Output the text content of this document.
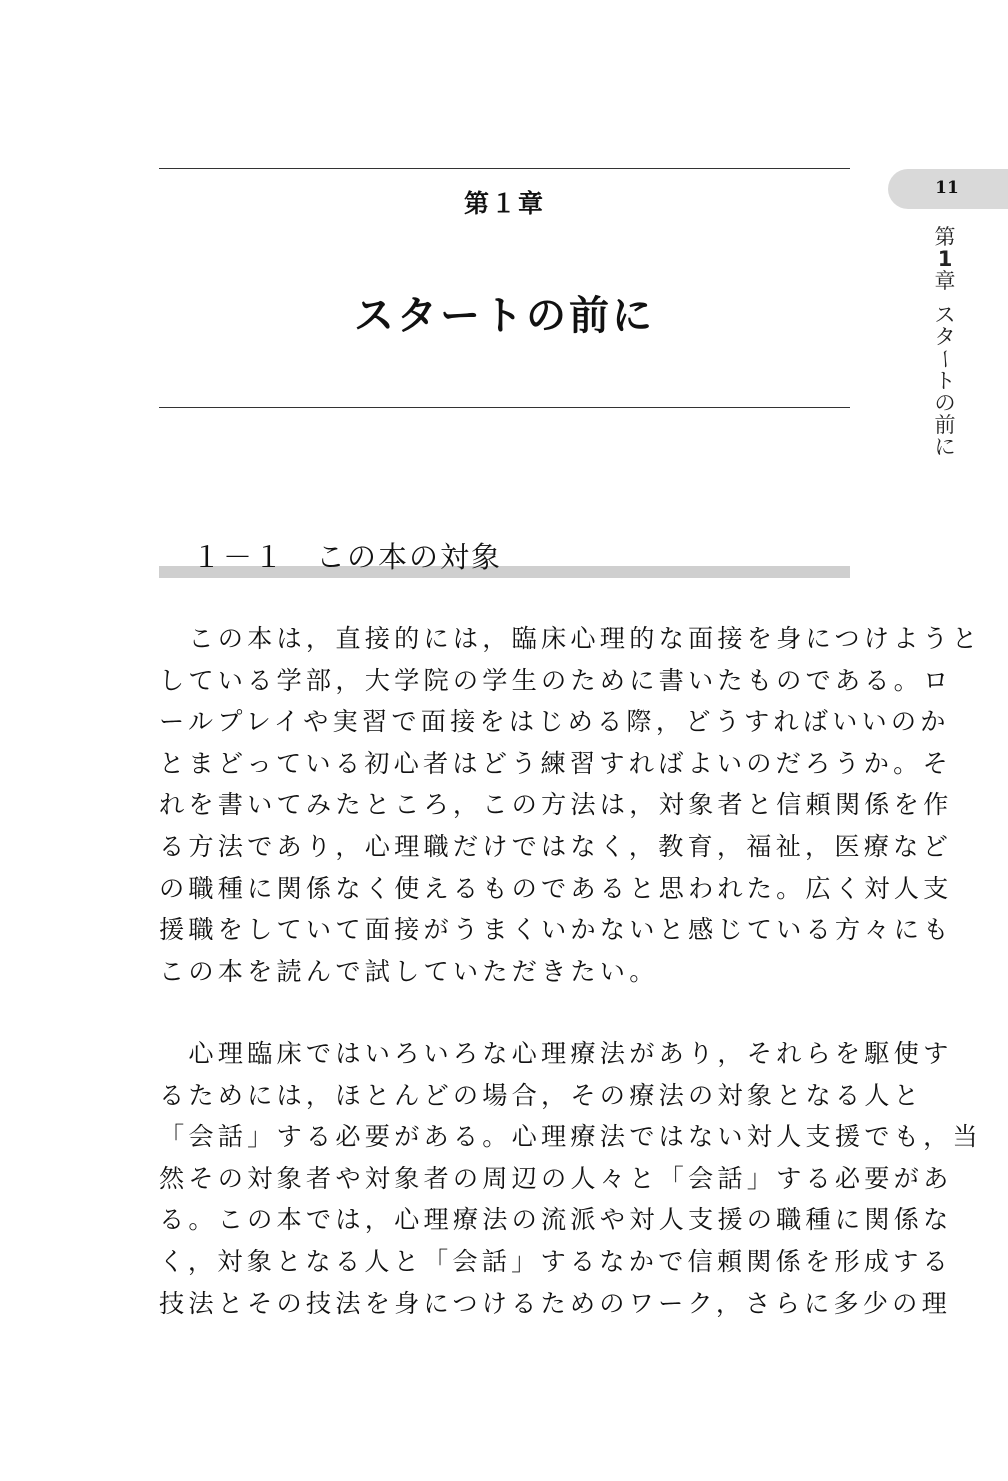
第１章
スタートの前に
11
第
1
章
ス
タ
ー
ト
の
前
に
１－１　この本の対象
　この本は，直接的には，臨床心理的な面接を身につけようと
している学部，大学院の学生のために書いたものである。ロ
ールプレイや実習で面接をはじめる際，どうすればいいのか
とまどっている初心者はどう練習すればよいのだろうか。そ
れを書いてみたところ，この方法は，対象者と信頼関係を作
る方法であり，心理職だけではなく，教育，福祉，医療など
の職種に関係なく使えるものであると思われた。広く対人支
援職をしていて面接がうまくいかないと感じている方々にも
この本を読んで試していただきたい。
　心理臨床ではいろいろな心理療法があり，それらを駆使す
るためには，ほとんどの場合，その療法の対象となる人と
「会話」する必要がある。心理療法ではない対人支援でも，当
然その対象者や対象者の周辺の人々と「会話」する必要があ
る。この本では，心理療法の流派や対人支援の職種に関係な
く，対象となる人と「会話」するなかで信頼関係を形成する
技法とその技法を身につけるためのワーク，さらに多少の理
